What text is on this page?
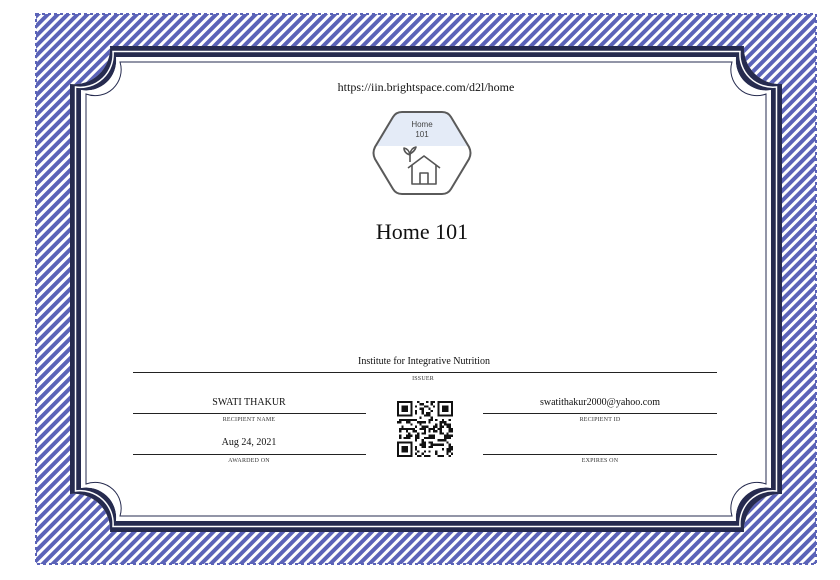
https://iin.brightspace.com/d2l/home
Home
101
Home 101
Institute for Integrative Nutrition
ISSUER
SWATI THAKUR
RECIPIENT NAME
swatithakur2000@yahoo.com
RECIPIENT ID
Aug 24, 2021
AWARDED ON	EXPIRES ON
